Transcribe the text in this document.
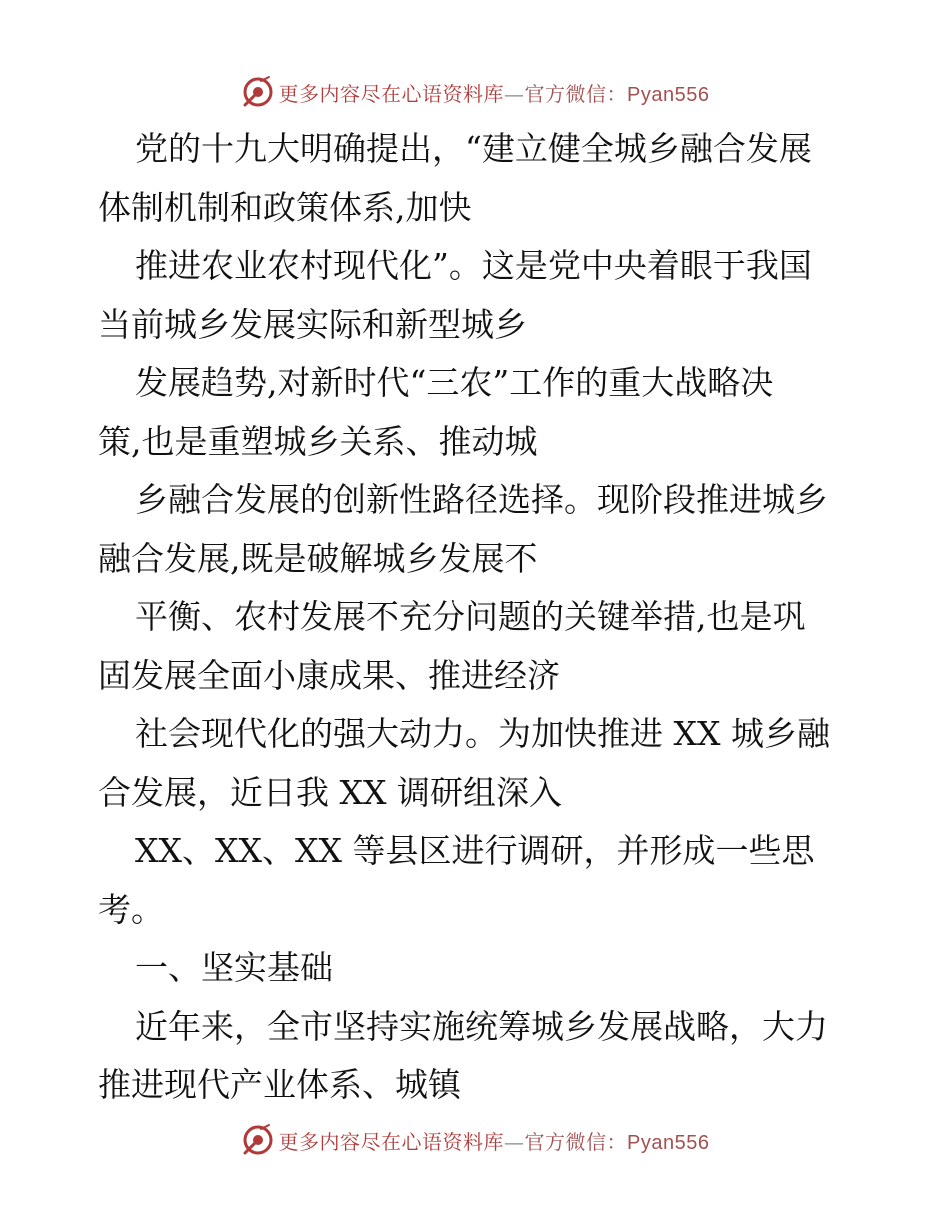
更多内容尽在心语资料库—官方微信：Pyan556
党的十九大明确提出，“建立健全城乡融合发展
体制机制和政策体系,加快
推进农业农村现代化”。这是党中央着眼于我国
当前城乡发展实际和新型城乡
发展趋势,对新时代“三农”工作的重大战略决
策,也是重塑城乡关系、推动城
乡融合发展的创新性路径选择。现阶段推进城乡
融合发展,既是破解城乡发展不
平衡、农村发展不充分问题的关键举措,也是巩
固发展全面小康成果、推进经济
社会现代化的强大动力。为加快推进 XX 城乡融
合发展，近日我 XX 调研组深入
XX、XX、XX 等县区进行调研，并形成一些思
考。
一、坚实基础
近年来，全市坚持实施统筹城乡发展战略，大力
推进现代产业体系、城镇
更多内容尽在心语资料库—官方微信：Pyan556
